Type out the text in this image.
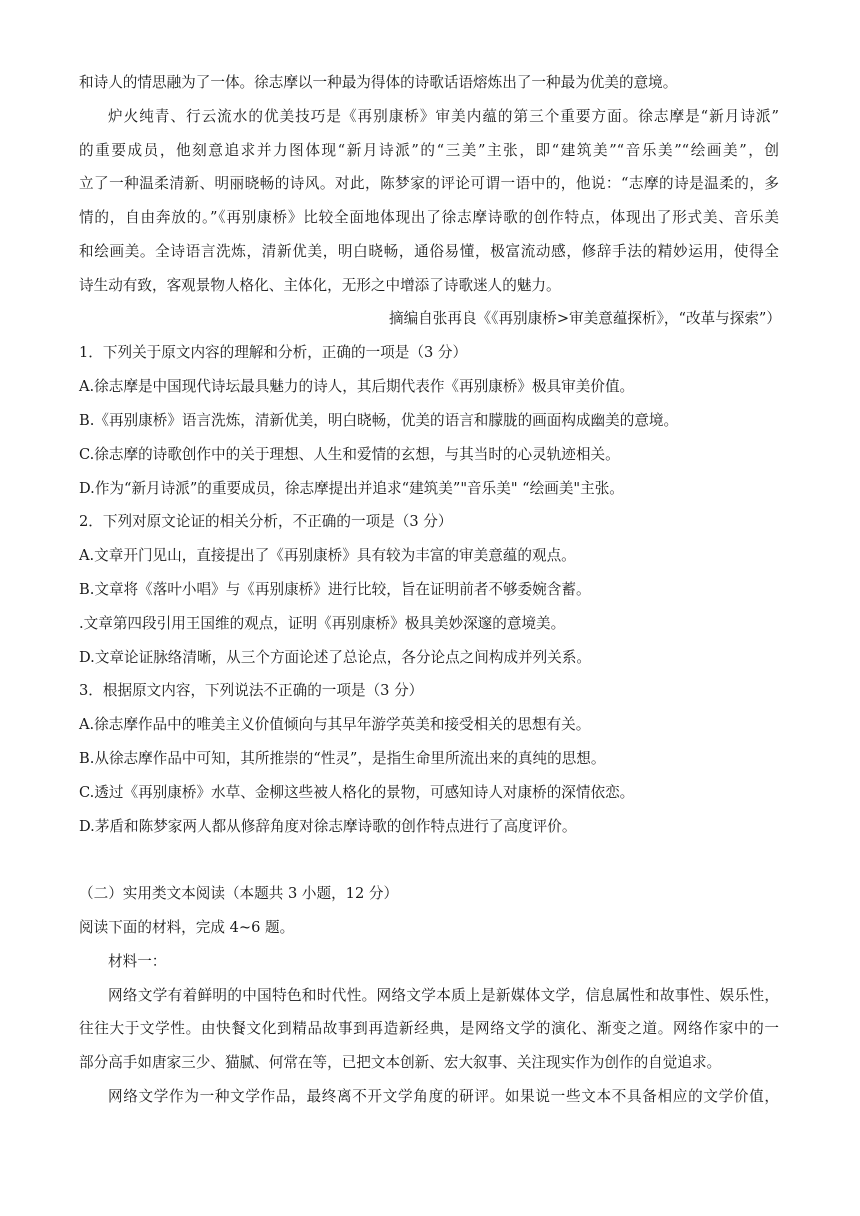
和诗人的情思融为了一体。徐志摩以一种最为得体的诗歌话语熔炼出了一种最为优美的意境。
炉火纯青、行云流水的优美技巧是《再别康桥》审美内蕴的第三个重要方面。徐志摩是“新月诗派”
的重要成员，他刻意追求并力图体现“新月诗派”的“三美”主张，即“建筑美”“音乐美”“绘画美”，创
立了一种温柔清新、明丽晓畅的诗风。对此，陈梦家的评论可谓一语中的，他说：“志摩的诗是温柔的，多
情的，自由奔放的。”《再别康桥》比较全面地体现出了徐志摩诗歌的创作特点，体现出了形式美、音乐美
和绘画美。全诗语言洗炼，清新优美，明白晓畅，通俗易懂，极富流动感，修辞手法的精妙运用，使得全
诗生动有致，客观景物人格化、主体化，无形之中增添了诗歌迷人的魅力。
摘编自张再良《《再别康桥>审美意蕴探析》，“改革与探索”）
1．下列关于原文内容的理解和分析，正确的一项是（3 分）
A.徐志摩是中国现代诗坛最具魅力的诗人，其后期代表作《再别康桥》极具审美价值。
B.《再别康桥》语言洗炼，清新优美，明白晓畅，优美的语言和朦胧的画面构成幽美的意境。
C.徐志摩的诗歌创作中的关于理想、人生和爱情的玄想，与其当时的心灵轨迹相关。
D.作为“新月诗派”的重要成员，徐志摩提出并追求“建筑美”"音乐美" “绘画美"主张。
2．下列对原文论证的相关分析，不正确的一项是（3 分）
A.文章开门见山，直接提出了《再别康桥》具有较为丰富的审美意蕴的观点。
B.文章将《落叶小唱》与《再别康桥》进行比较，旨在证明前者不够委婉含蓄。
.文章第四段引用王国维的观点，证明《再别康桥》极具美妙深邃的意境美。
D.文章论证脉络清晰，从三个方面论述了总论点，各分论点之间构成并列关系。
3．根据原文内容，下列说法不正确的一项是（3 分）
A.徐志摩作品中的唯美主义价值倾向与其早年游学英美和接受相关的思想有关。
B.从徐志摩作品中可知，其所推崇的“性灵”，是指生命里所流出来的真纯的思想。
C.透过《再别康桥》水草、金柳这些被人格化的景物，可感知诗人对康桥的深情依恋。
D.茅盾和陈梦家两人都从修辞角度对徐志摩诗歌的创作特点进行了高度评价。
（二）实用类文本阅读（本题共 3 小题，12 分）
阅读下面的材料，完成 4~6 题。
材料一：
网络文学有着鲜明的中国特色和时代性。网络文学本质上是新媒体文学，信息属性和故事性、娱乐性，
往往大于文学性。由快餐文化到精品故事到再造新经典，是网络文学的演化、渐变之道。网络作家中的一
部分高手如唐家三少、猫腻、何常在等，已把文本创新、宏大叙事、关注现实作为创作的自觉追求。
网络文学作为一种文学作品，最终离不开文学角度的研评。如果说一些文本不具备相应的文学价值，
